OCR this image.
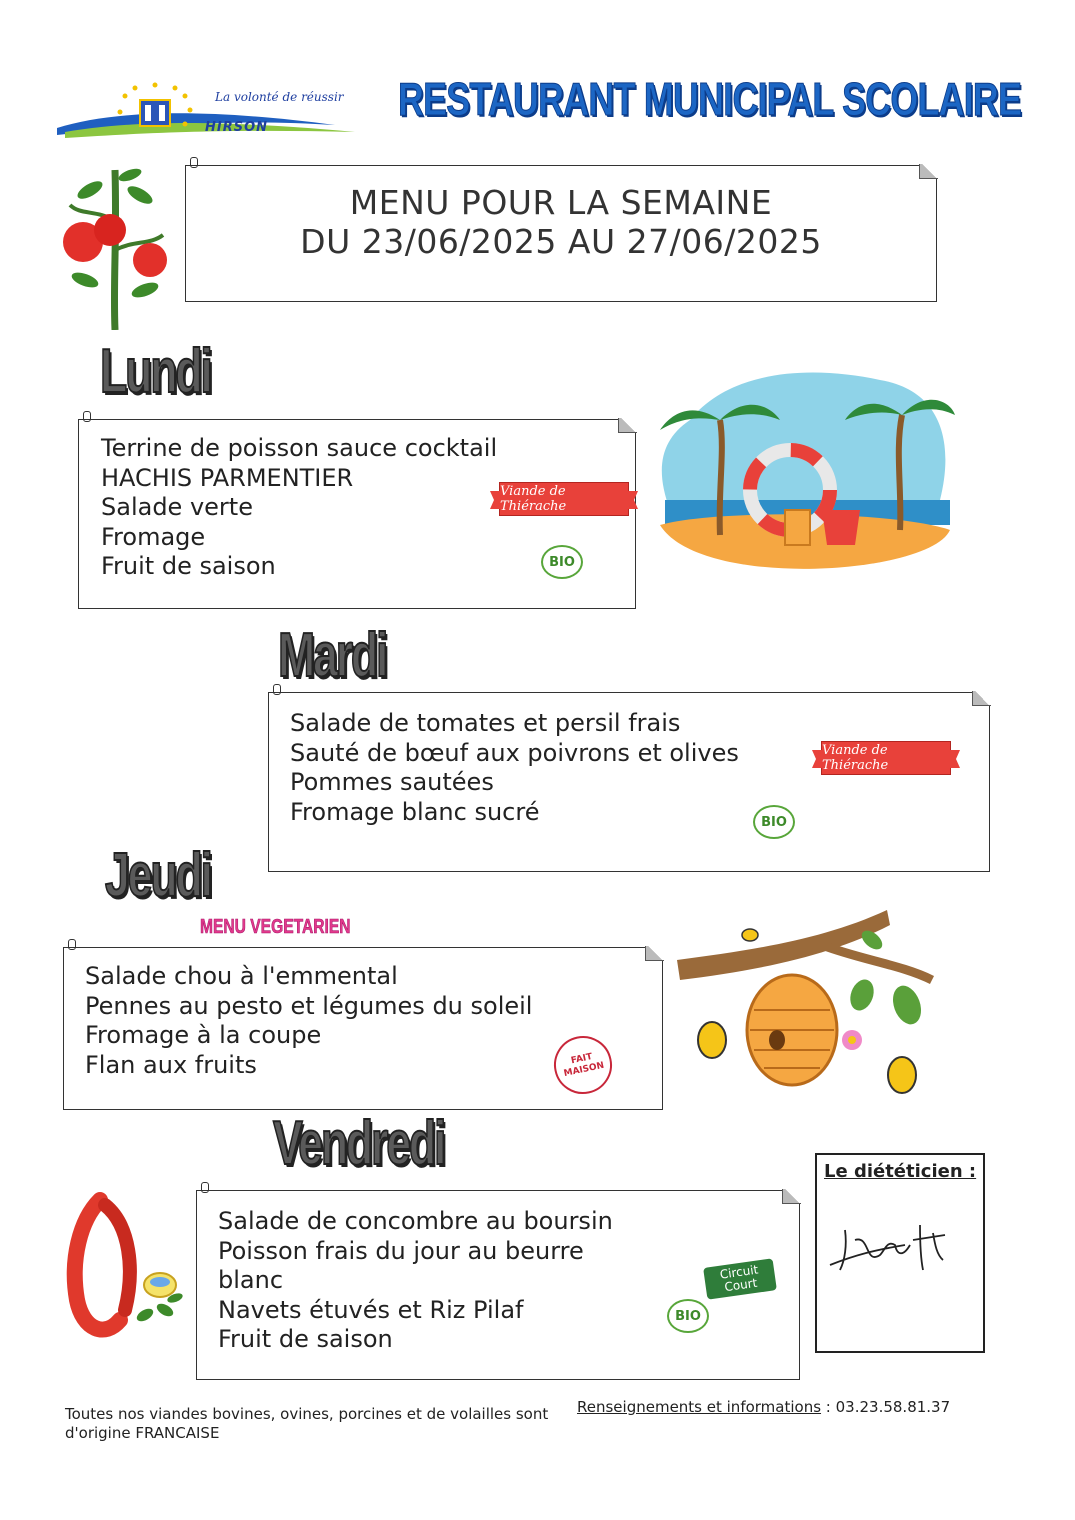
La volonté de réussir
HIRSON
RESTAURANT MUNICIPAL SCOLAIRE
MENU POUR LA SEMAINE
DU 23/06/2025 AU 27/06/2025
Lundi
Terrine de poisson sauce cocktail
HACHIS PARMENTIER
Salade verte
Fromage
Fruit de saison
Viande de Thiérache
BIO
Mardi
Salade de tomates et persil frais
Sauté de bœuf aux poivrons et olives
Pommes sautées
Fromage blanc sucré
Viande de Thiérache
BIO
Jeudi
MENU VEGETARIEN
Salade chou à l'emmental
Pennes au pesto et légumes du soleil
Fromage à la coupe
Flan aux fruits	FAIT MAISON
Vendredi
Salade de concombre au boursin
Poisson frais du jour au beurre
blanc
Navets étuvés et Riz Pilaf
Fruit de saison
Circuit Court
BIO
Le diététicien :
Toutes nos viandes bovines, ovines, porcines et de volailles sont d'origine FRANCAISE
Renseignements et informations : 03.23.58.81.37
